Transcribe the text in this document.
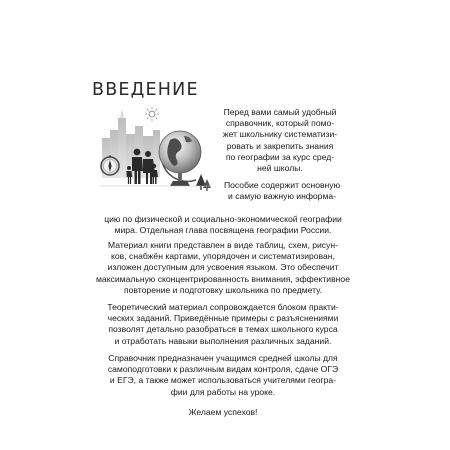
ВВЕДЕНИЕ
Перед вами самый удобный
справочник, который помо-
жет школьнику систематизи-
ровать и закрепить знания
по географии за курс сред-
ней школы.
Пособие содержит основную
и самую важную информа-
цию по физической и социально-экономической географии
мира. Отдельная глава посвящена географии России.
Материал книги представлен в виде таблиц, схем, рисун-
ков, снабжён картами, упорядочен и систематизирован,
изложен доступным для усвоения языком. Это обеспечит
максимальную сконцентрированность внимания, эффективное
повторение и подготовку школьника по предмету.
Теоретический материал сопровождается блоком практи-
ческих заданий. Приведённые примеры с разъяснениями
позволят детально разобраться в темах школьного курса
и отработать навыки выполнения различных заданий.
Справочник предназначен учащимся средней школы для
самоподготовки к различным видам контроля, сдаче ОГЭ
и ЕГЭ, а также может использоваться учителями геогра-
фии для работы на уроке.
Желаем успехов!
